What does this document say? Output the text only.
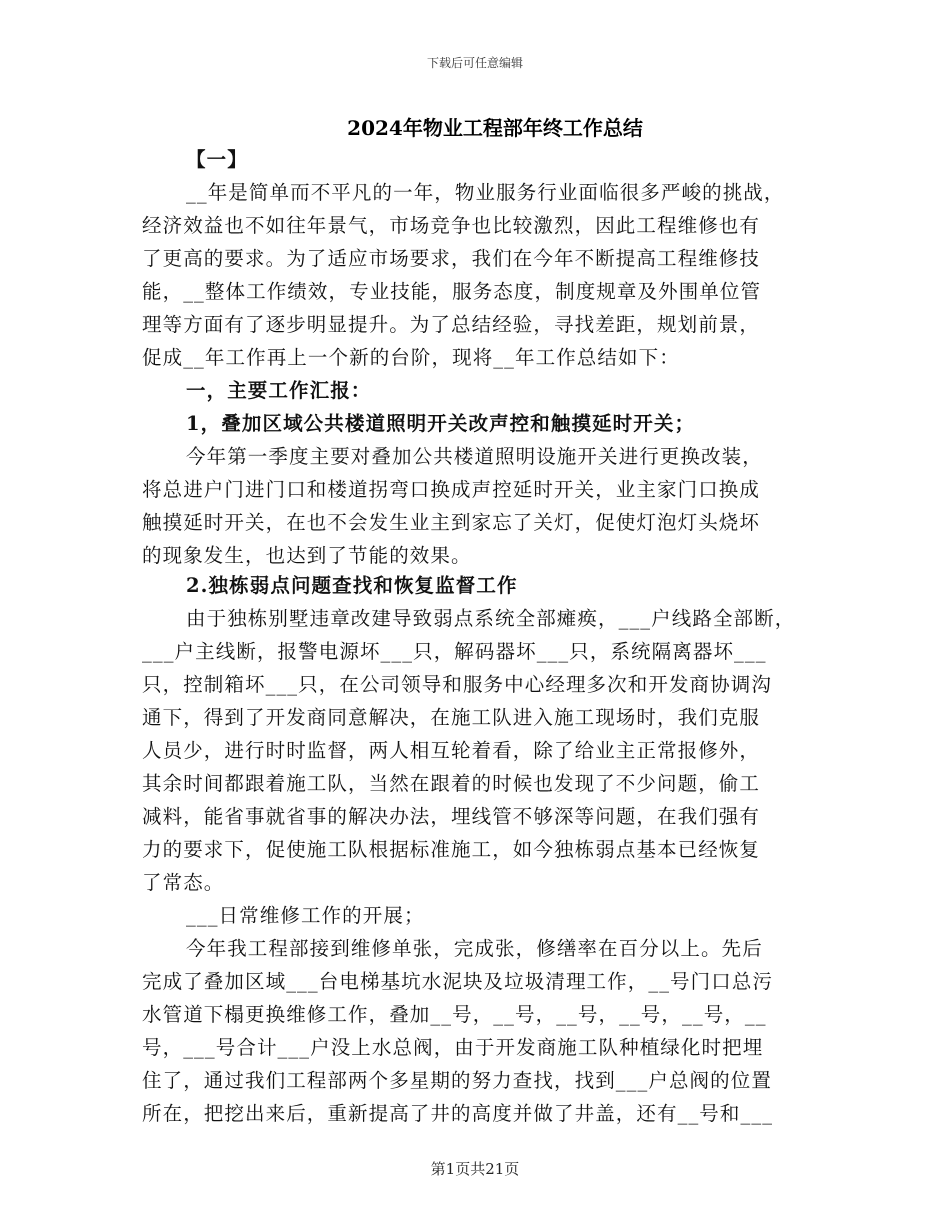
下载后可任意编辑
2024年物业工程部年终工作总结
【一】
__年是简单而不平凡的一年，物业服务行业面临很多严峻的挑战，
经济效益也不如往年景气，市场竞争也比较激烈，因此工程维修也有
了更高的要求。为了适应市场要求，我们在今年不断提高工程维修技
能，__整体工作绩效，专业技能，服务态度，制度规章及外围单位管
理等方面有了逐步明显提升。为了总结经验，寻找差距，规划前景，
促成__年工作再上一个新的台阶，现将__年工作总结如下：
一，主要工作汇报：
1，叠加区域公共楼道照明开关改声控和触摸延时开关；
今年第一季度主要对叠加公共楼道照明设施开关进行更换改装，
将总进户门进门口和楼道拐弯口换成声控延时开关，业主家门口换成
触摸延时开关，在也不会发生业主到家忘了关灯，促使灯泡灯头烧坏
的现象发生，也达到了节能的效果。
2.独栋弱点问题查找和恢复监督工作
由于独栋别墅违章改建导致弱点系统全部瘫痪，___户线路全部断，
___户主线断，报警电源坏___只，解码器坏___只，系统隔离器坏___
只，控制箱坏___只，在公司领导和服务中心经理多次和开发商协调沟
通下，得到了开发商同意解决，在施工队进入施工现场时，我们克服
人员少，进行时时监督，两人相互轮着看，除了给业主正常报修外，
其余时间都跟着施工队，当然在跟着的时候也发现了不少问题，偷工
减料，能省事就省事的解决办法，埋线管不够深等问题，在我们强有
力的要求下，促使施工队根据标准施工，如今独栋弱点基本已经恢复
了常态。
___日常维修工作的开展；
今年我工程部接到维修单张，完成张，修缮率在百分以上。先后
完成了叠加区域___台电梯基坑水泥块及垃圾清理工作，__号门口总污
水管道下榻更换维修工作，叠加__号，__号，__号，__号，__号，__
号，___号合计___户没上水总阀，由于开发商施工队种植绿化时把埋
住了，通过我们工程部两个多星期的努力查找，找到___户总阀的位置
所在，把挖出来后，重新提高了井的高度并做了井盖，还有__号和___
第1页共21页
